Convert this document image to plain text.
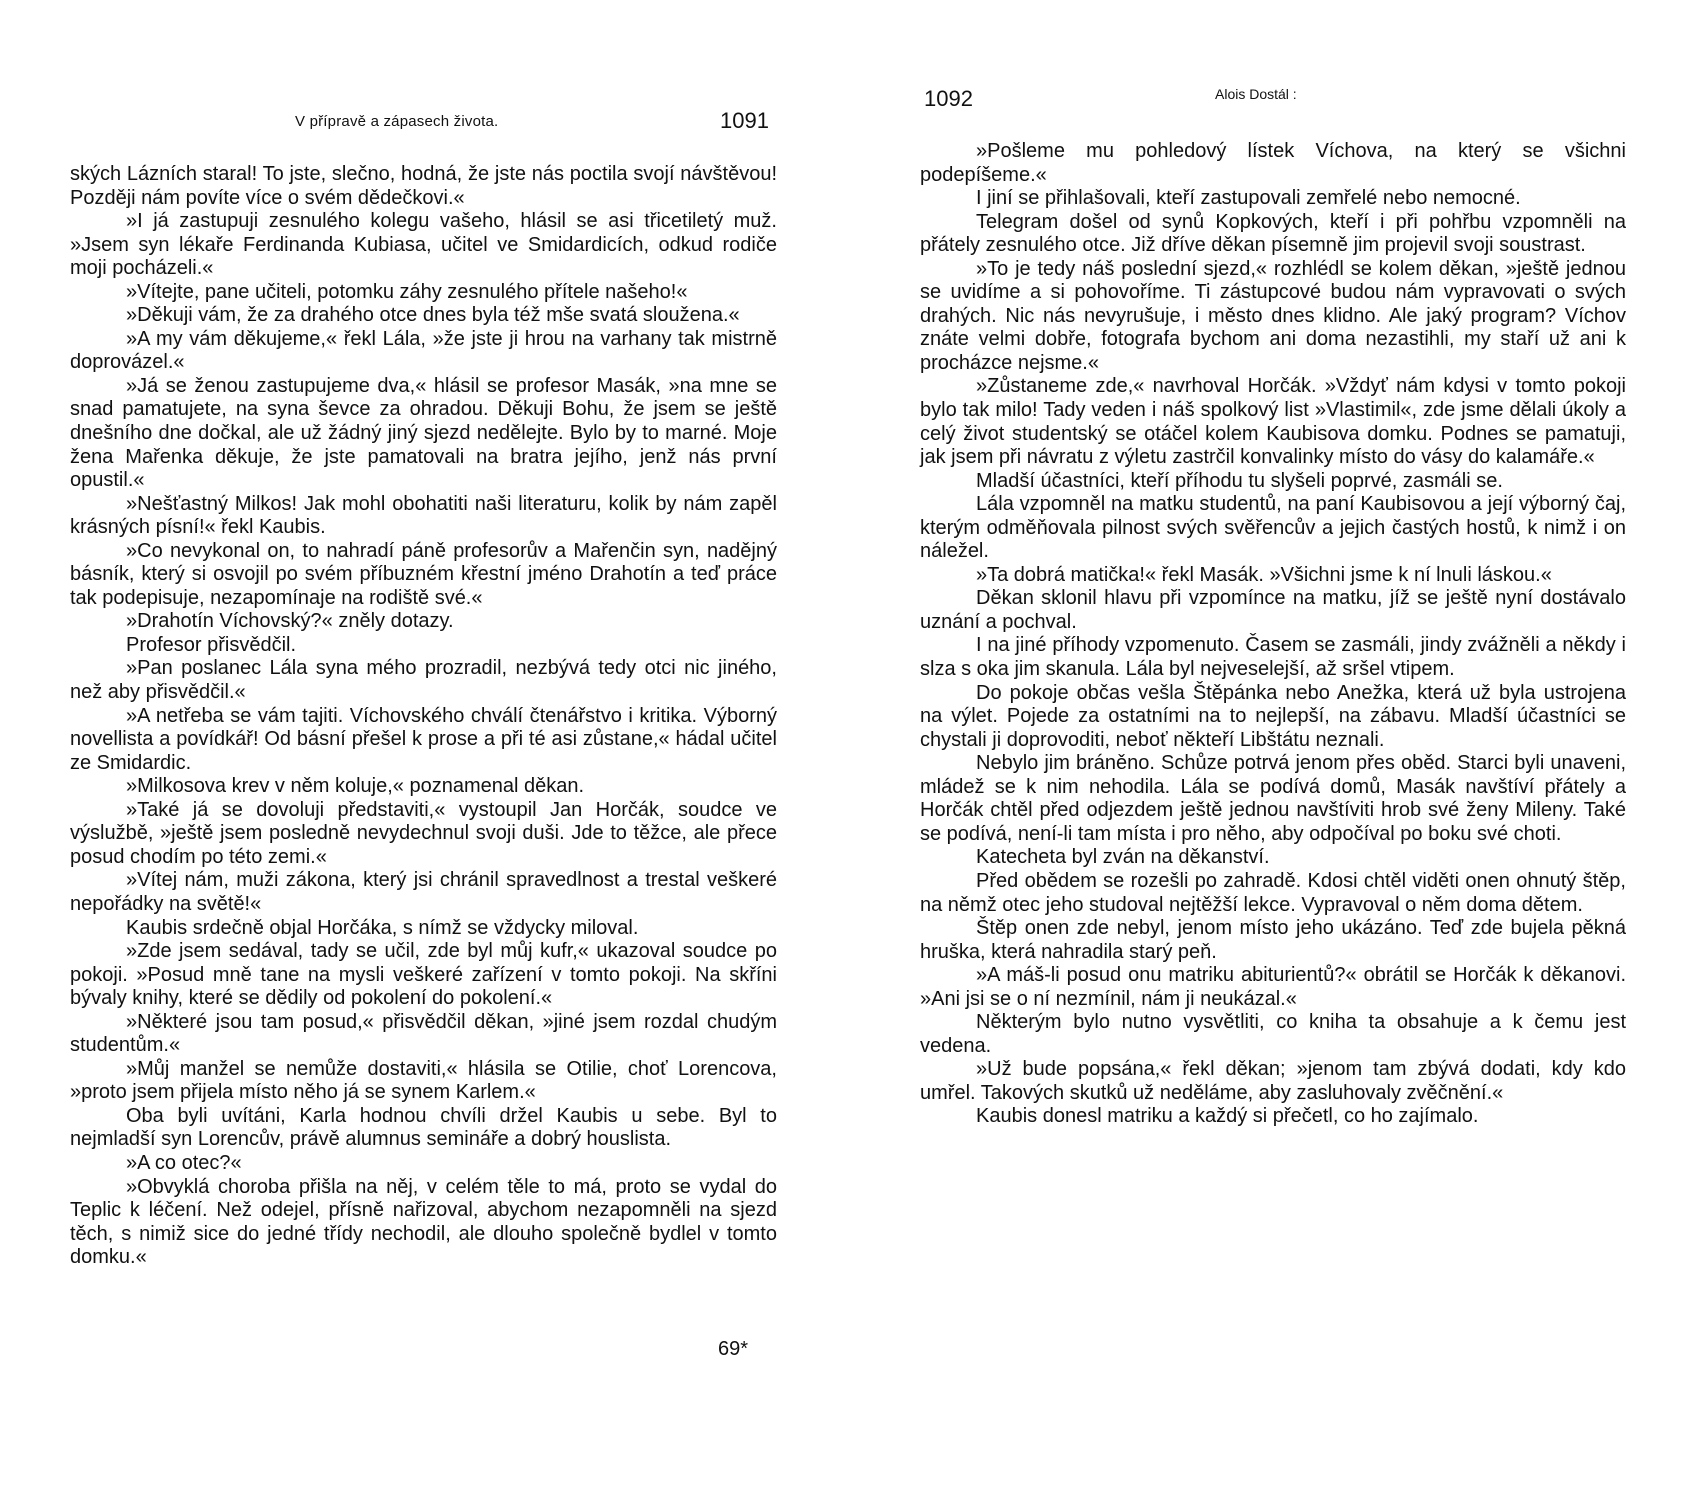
V přípravě a zápasech života.	1091

ských Lázních staral! To jste, slečno, hodná, že jste nás poctila svojí návštěvou! Později nám povíte více o svém dědečkovi.«

»I já zastupuji zesnulého kolegu vašeho, hlásil se asi třicetiletý muž. »Jsem syn lékaře Ferdinanda Kubiasa, učitel ve Smidardicích, odkud rodiče moji pocházeli.«

»Vítejte, pane učiteli, potomku záhy zesnulého přítele našeho!«

»Děkuji vám, že za drahého otce dnes byla též mše svatá sloužena.«

»A my vám děkujeme,« řekl Lála, »že jste ji hrou na varhany tak mistrně doprovázel.«

»Já se ženou zastupujeme dva,« hlásil se profesor Masák, »na mne se snad pamatujete, na syna ševce za ohradou. Děkuji Bohu, že jsem se ještě dnešního dne dočkal, ale už žádný jiný sjezd nedělejte. Bylo by to marné. Moje žena Mařenka děkuje, že jste pamatovali na bratra jejího, jenž nás první opustil.«

»Nešťastný Milkos! Jak mohl obohatiti naši literaturu, kolik by nám zapěl krásných písní!« řekl Kaubis.

»Co nevykonal on, to nahradí páně profesorův a Mařenčin syn, nadějný básník, který si osvojil po svém příbuzném křestní jméno Drahotín a teď práce tak podepisuje, nezapomínaje na rodiště své.«

»Drahotín Víchovský?« zněly dotazy.

Profesor přisvědčil.

»Pan poslanec Lála syna mého prozradil, nezbývá tedy otci nic jiného, než aby přisvědčil.«

»A netřeba se vám tajiti. Víchovského chválí čtenářstvo i kritika. Výborný novellista a povídkář! Od básní přešel k prose a při té asi zůstane,« hádal učitel ze Smidardic.

»Milkosova krev v něm koluje,« poznamenal děkan.

»Také já se dovoluji představiti,« vystoupil Jan Horčák, soudce ve výslužbě, »ještě jsem posledně nevydechnul svoji duši. Jde to těžce, ale přece posud chodím po této zemi.«

»Vítej nám, muži zákona, který jsi chránil spravedlnost a trestal veškeré nepořádky na světě!«

Kaubis srdečně objal Horčáka, s nímž se vždycky miloval.

»Zde jsem sedával, tady se učil, zde byl můj kufr,« ukazoval soudce po pokoji. »Posud mně tane na mysli veškeré zařízení v tomto pokoji. Na skříni bývaly knihy, které se dědily od pokolení do pokolení.«

»Některé jsou tam posud,« přisvědčil děkan, »jiné jsem rozdal chudým studentům.«

»Můj manžel se nemůže dostaviti,« hlásila se Otilie, choť Lorencova, »proto jsem přijela místo něho já se synem Karlem.«

Oba byli uvítáni, Karla hodnou chvíli držel Kaubis u sebe. Byl to nejmladší syn Lorencův, právě alumnus semináře a dobrý houslista.

»A co otec?«

»Obvyklá choroba přišla na něj, v celém těle to má, proto se vydal do Teplic k léčení. Než odejel, přísně nařizoval, abychom nezapomněli na sjezd těch, s nimiž sice do jedné třídy nechodil, ale dlouho společně bydlel v tomto domku.«

69*
1092	Alois Dostál :

»Pošleme mu pohledový lístek Víchova, na který se všichni podepíšeme.«

I jiní se přihlašovali, kteří zastupovali zemřelé nebo nemocné.

Telegram došel od synů Kopkových, kteří i při pohřbu vzpomněli na přátely zesnulého otce. Již dříve děkan písemně jim projevil svoji soustrast.

»To je tedy náš poslední sjezd,« rozhlédl se kolem děkan, »ještě jednou se uvidíme a si pohovoříme. Ti zástupcové budou nám vypravovati o svých drahých. Nic nás nevyrušuje, i město dnes klidno. Ale jaký program? Víchov znáte velmi dobře, fotografa bychom ani doma nezastihli, my staří už ani k procházce nejsme.«

»Zůstaneme zde,« navrhoval Horčák. »Vždyť nám kdysi v tomto pokoji bylo tak milo! Tady veden i náš spolkový list »Vlastimil«, zde jsme dělali úkoly a celý život studentský se otáčel kolem Kaubisova domku. Podnes se pamatuji, jak jsem při návratu z výletu zastrčil konvalinky místo do vásy do kalamáře.«

Mladší účastníci, kteří příhodu tu slyšeli poprvé, zasmáli se.

Lála vzpomněl na matku studentů, na paní Kaubisovou a její výborný čaj, kterým odměňovala pilnost svých svěřencův a jejich častých hostů, k nimž i on náležel.

»Ta dobrá matička!« řekl Masák. »Všichni jsme k ní lnuli láskou.«

Děkan sklonil hlavu při vzpomínce na matku, jíž se ještě nyní dostávalo uznání a pochval.

I na jiné příhody vzpomenuto. Časem se zasmáli, jindy zvážněli a někdy i slza s oka jim skanula. Lála byl nejveselejší, až sršel vtipem.

Do pokoje občas vešla Štěpánka nebo Anežka, která už byla ustrojena na výlet. Pojede za ostatními na to nejlepší, na zábavu. Mladší účastníci se chystali ji doprovoditi, neboť někteří Libštátu neznali.

Nebylo jim bráněno. Schůze potrvá jenom přes oběd. Starci byli unaveni, mládež se k nim nehodila. Lála se podívá domů, Masák navštíví přátely a Horčák chtěl před odjezdem ještě jednou navštíviti hrob své ženy Mileny. Také se podívá, není-li tam místa i pro něho, aby odpočíval po boku své choti.

Katecheta byl zván na děkanství.

Před obědem se rozešli po zahradě. Kdosi chtěl viděti onen ohnutý štěp, na němž otec jeho studoval nejtěžší lekce. Vypravoval o něm doma dětem.

Štěp onen zde nebyl, jenom místo jeho ukázáno. Teď zde bujela pěkná hruška, která nahradila starý peň.

»A máš-li posud onu matriku abiturientů?« obrátil se Horčák k děkanovi. »Ani jsi se o ní nezmínil, nám ji neukázal.«

Některým bylo nutno vysvětliti, co kniha ta obsahuje a k čemu jest vedena.

»Už bude popsána,« řekl děkan; »jenom tam zbývá dodati, kdy kdo umřel. Takových skutků už neděláme, aby zasluhovaly zvěčnění.«

Kaubis donesl matriku a každý si přečetl, co ho zajímalo.
